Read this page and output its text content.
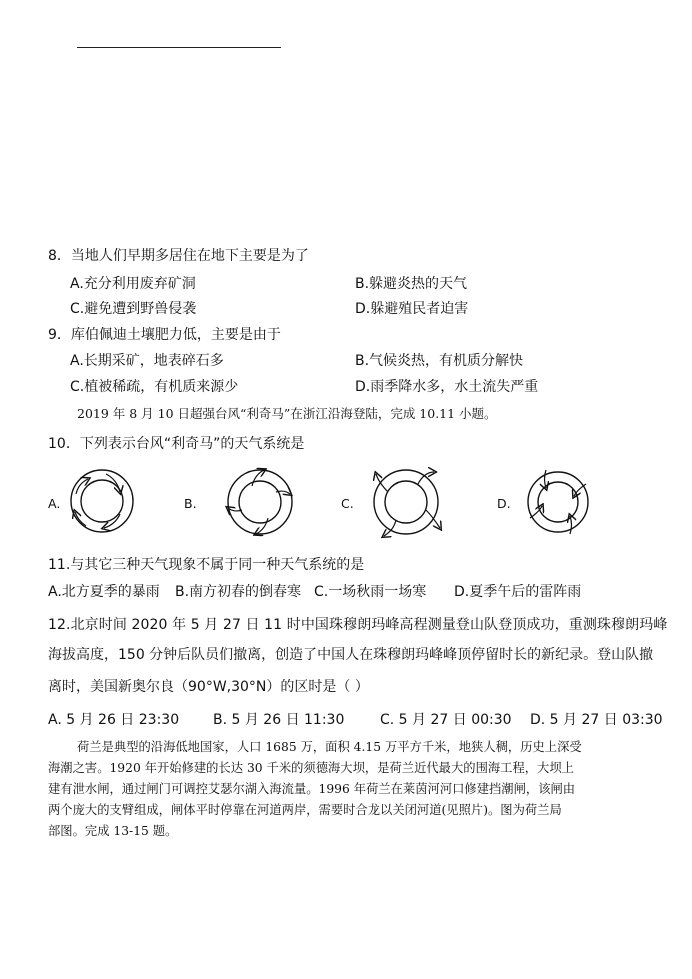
8．当地人们早期多居住在地下主要是为了
A.充分利用废弃矿洞	B.躲避炎热的天气
C.避免遭到野兽侵袭	D.躲避殖民者迫害
9．库伯佩迪土壤肥力低，主要是由于
A.长期采矿，地表碎石多	B.气候炎热，有机质分解快
C.植被稀疏，有机质来源少	D.雨季降水多，水土流失严重
2019 年 8 月 10 日超强台风“利奇马”在浙江沿海登陆，完成 10.11 小题。
10．下列表示台风“利奇马”的天气系统是
A.	B.	C.	D.
11.与其它三种天气现象不属于同一种天气系统的是
A.北方夏季的暴雨 B.南方初春的倒春寒 C.一场秋雨一场寒 D.夏季午后的雷阵雨
12.北京时间 2020 年 5 月 27 日 11 时中国珠穆朗玛峰高程测量登山队登顶成功，重测珠穆朗玛峰
海拔高度，150 分钟后队员们撤离，创造了中国人在珠穆朗玛峰峰顶停留时长的新纪录。登山队撤
离时，美国新奥尔良（90°W,30°N）的区时是（ ）
A. 5 月 26 日 23:30 B. 5 月 26 日 11:30	C. 5 月 27 日 00:30 D. 5 月 27 日 03:30
荷兰是典型的沿海低地国家，人口 1685 万，面积 4.15 万平方千米，地狭人稠，历史上深受
海潮之害。1920 年开始修建的长达 30 千米的须德海大坝，是荷兰近代最大的围海工程，大坝上
建有泄水闸，通过闸门可调控艾瑟尔湖入海流量。1996 年荷兰在莱茵河河口修建挡潮闸，该闸由
两个庞大的支臂组成，闸体平时停靠在河道两岸，需要时合龙以关闭河道(见照片)。图为荷兰局
部图。完成 13-15 题。
